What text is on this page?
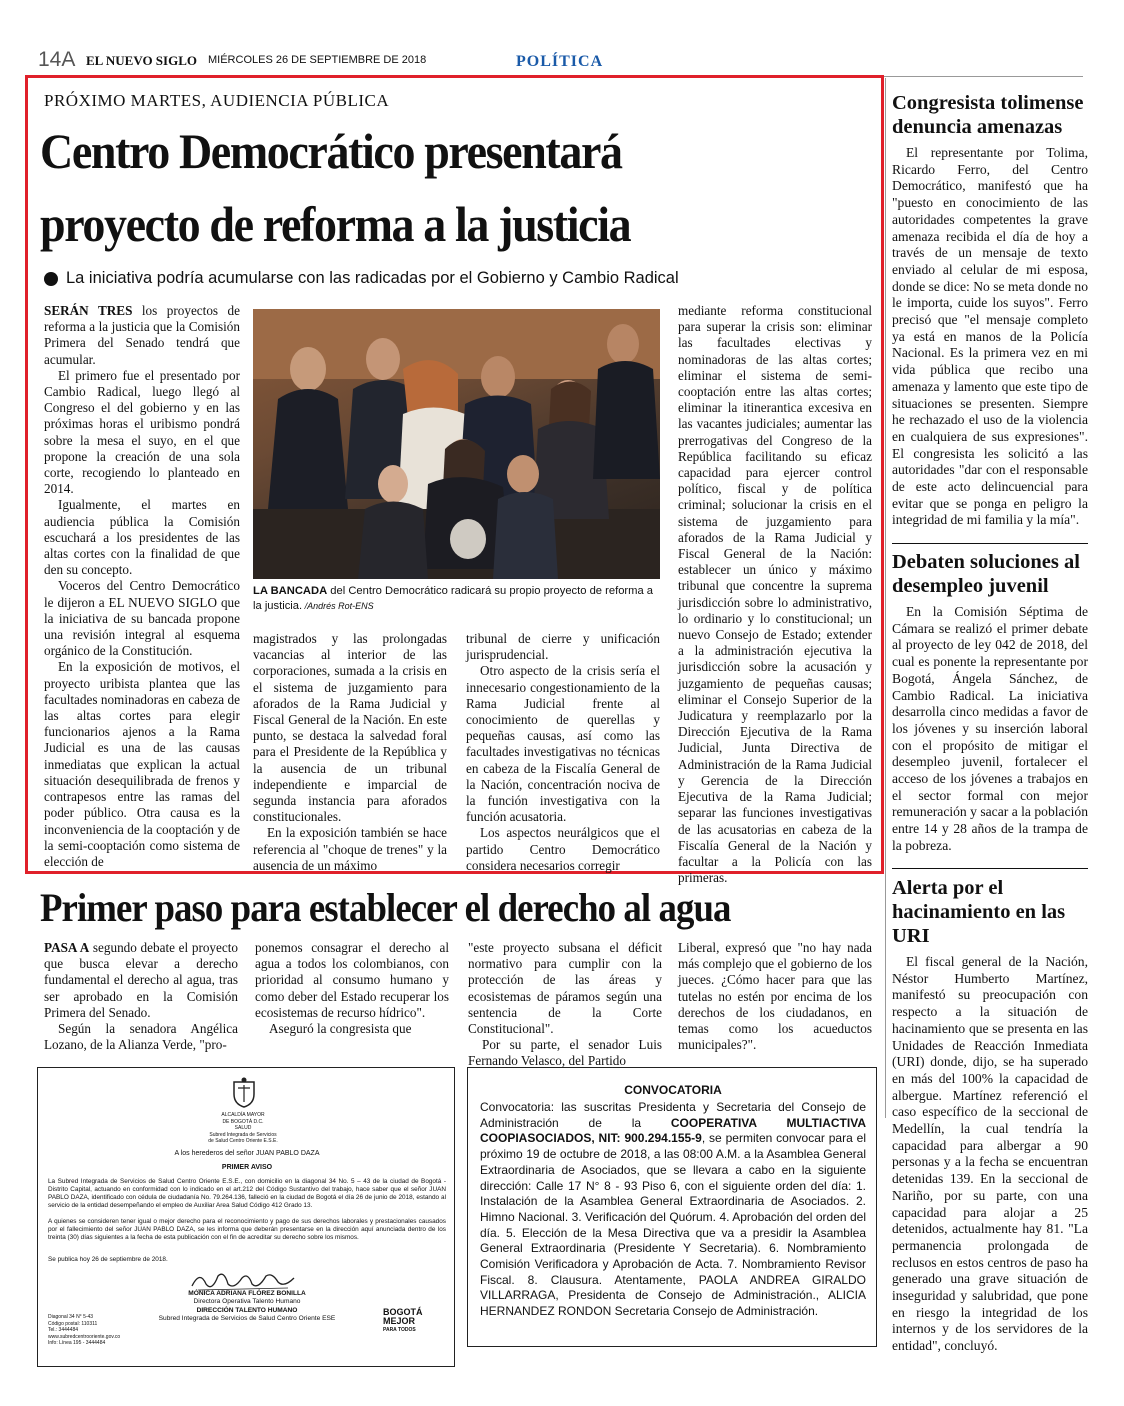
14A EL NUEVO SIGLO MIÉRCOLES 26 DE SEPTIEMBRE DE 2018	POLÍTICA
PRÓXIMO MARTES, AUDIENCIA PÚBLICA
Centro Democrático presentará
proyecto de reforma a la justicia
La iniciativa podría acumularse con las radicadas por el Gobierno y Cambio Radical

SERÁN TRES los proyectos de reforma a la justicia que la Comisión Primera del Senado tendrá que acumular.

El primero fue el presentado por Cambio Radical, luego llegó al Congreso el del gobierno y en las próximas horas el uribismo pondrá sobre la mesa el suyo, en el que propone la creación de una sola corte, recogiendo lo planteado en 2014.

Igualmente, el martes en audiencia pública la Comisión escuchará a los presidentes de las altas cortes con la finalidad de que den su concepto.

Voceros del Centro Democrático le dijeron a EL NUEVO SIGLO que la iniciativa de su bancada propone una revisión integral al esquema orgánico de la Constitución.

En la exposición de motivos, el proyecto uribista plantea que las facultades nominadoras en cabeza de las altas cortes para elegir funcionarios ajenos a la Rama Judicial es una de las causas inmediatas que explican la actual situación desequilibrada de frenos y contrapesos entre las ramas del poder público. Otra causa es la inconveniencia de la cooptación y de la semi-cooptación como sistema de elección de

LA BANCADA del Centro Democrático radicará su propio proyecto de reforma a la justicia. /Andrés Rot-ENS

magistrados y las prolongadas vacancias al interior de las corporaciones, sumada a la crisis en el sistema de juzgamiento para aforados de la Rama Judicial y Fiscal General de la Nación. En este punto, se destaca la salvedad foral para el Presidente de la República y la ausencia de un tribunal independiente e imparcial de segunda instancia para aforados constitucionales.

En la exposición también se hace referencia al "choque de trenes" y la ausencia de un máximo

tribunal de cierre y unificación jurisprudencial.

Otro aspecto de la crisis sería el innecesario congestionamiento de la Rama Judicial frente al conocimiento de querellas y pequeñas causas, así como las facultades investigativas no técnicas en cabeza de la Fiscalía General de la Nación, concentración nociva de la función investigativa con la función acusatoria.

Los aspectos neurálgicos que el partido Centro Democrático considera necesarios corregir

mediante reforma constitucional para superar la crisis son: eliminar las facultades electivas y nominadoras de las altas cortes; eliminar el sistema de semi-cooptación entre las altas cortes; eliminar la itinerantica excesiva en las vacantes judiciales; aumentar las prerrogativas del Congreso de la República facilitando su eficaz capacidad para ejercer control político, fiscal y de política criminal; solucionar la crisis en el sistema de juzgamiento para aforados de la Rama Judicial y Fiscal General de la Nación: establecer un único y máximo tribunal que concentre la suprema jurisdicción sobre lo administrativo, lo ordinario y lo constitucional; un nuevo Consejo de Estado; extender a la administración ejecutiva la jurisdicción sobre la acusación y juzgamiento de pequeñas causas; eliminar el Consejo Superior de la Judicatura y reemplazarlo por la Dirección Ejecutiva de la Rama Judicial, Junta Directiva de Administración de la Rama Judicial y Gerencia de la Dirección Ejecutiva de la Rama Judicial; separar las funciones investigativas de las acusatorias en cabeza de la Fiscalía General de la Nación y facultar a la Policía con las primeras.

Congresista tolimense denuncia amenazas

El representante por Tolima, Ricardo Ferro, del Centro Democrático, manifestó que ha "puesto en conocimiento de las autoridades competentes la grave amenaza recibida el día de hoy a través de un mensaje de texto enviado al celular de mi esposa, donde se dice: No se meta donde no le importa, cuide los suyos". Ferro precisó que "el mensaje completo ya está en manos de la Policía Nacional. Es la primera vez en mi vida pública que recibo una amenaza y lamento que este tipo de situaciones se presenten. Siempre he rechazado el uso de la violencia en cualquiera de sus expresiones". El congresista les solicitó a las autoridades "dar con el responsable de este acto delincuencial para evitar que se ponga en peligro la integridad de mi familia y la mía".

Debaten soluciones al desempleo juvenil

En la Comisión Séptima de Cámara se realizó el primer debate al proyecto de ley 042 de 2018, del cual es ponente la representante por Bogotá, Ángela Sánchez, de Cambio Radical. La iniciativa desarrolla cinco medidas a favor de los jóvenes y su inserción laboral con el propósito de mitigar el desempleo juvenil, fortalecer el acceso de los jóvenes a trabajos en el sector formal con mejor remuneración y sacar a la población entre 14 y 28 años de la trampa de la pobreza.

Alerta por el hacinamiento en las URI

El fiscal general de la Nación, Néstor Humberto Martínez, manifestó su preocupación con respecto a la situación de hacinamiento que se presenta en las Unidades de Reacción Inmediata (URI) donde, dijo, se ha superado en más del 100% la capacidad de albergue. Martínez referenció el caso específico de la seccional de Medellín, la cual tendría la capacidad para albergar a 90 personas y a la fecha se encuentran detenidas 139. En la seccional de Nariño, por su parte, con una capacidad para alojar a 25 detenidos, actualmente hay 81. "La permanencia prolongada de reclusos en estos centros de paso ha generado una grave situación de inseguridad y salubridad, que pone en riesgo la integridad de los internos y de los servidores de la entidad", concluyó.

Primer paso para establecer el derecho al agua

PASA A segundo debate el proyecto que busca elevar a derecho fundamental el derecho al agua, tras ser aprobado en la Comisión Primera del Senado.

Según la senadora Angélica Lozano, de la Alianza Verde, "pro-

ponemos consagrar el derecho al agua a todos los colombianos, con prioridad al consumo humano y como deber del Estado recuperar los ecosistemas de recurso hídrico".

Aseguró la congresista que

"este proyecto subsana el déficit normativo para cumplir con la protección de las áreas y ecosistemas de páramos según una sentencia de la Corte Constitucional".

Por su parte, el senador Luis Fernando Velasco, del Partido

Liberal, expresó que "no hay nada más complejo que el gobierno de los jueces. ¿Cómo hacer para que las tutelas no estén por encima de los derechos de los ciudadanos, en temas como los acueductos municipales?".

ALCALDÍA MAYOR
DE BOGOTÁ D.C.
SALUD
Subred Integrada de Servicios
de Salud Centro Oriente E.S.E.
A los herederos del señor JUAN PABLO DAZA
PRIMER AVISO
La Subred Integrada de Servicios de Salud Centro Oriente E.S.E., con domicilio en la diagonal 34 No. 5 – 43 de la ciudad de Bogotá - Distrito Capital, actuando en conformidad con lo indicado en el art.212 del Código Sustantivo del trabajo, hace saber que el señor JUAN PABLO DAZA, identificado con cédula de ciudadanía No. 79.264.136, falleció en la ciudad de Bogotá el día 26 de junio de 2018, estando al servicio de la entidad desempeñando el empleo de Auxiliar Area Salud Código 412 Grado 13.
A quienes se consideren tener igual o mejor derecho para el reconocimiento y pago de sus derechos laborales y prestacionales causados por el fallecimiento del señor JUAN PABLO DAZA, se les informa que deberán presentarse en la dirección aquí anunciada dentro de los treinta (30) días siguientes a la fecha de esta publicación con el fin de acreditar su derecho sobre los mismos.
Se publica hoy 26 de septiembre de 2018.
MÓNICA ADRIANA FLÓREZ BONILLA
Directora Operativa Talento Humano
DIRECCIÓN TALENTO HUMANO
Subred Integrada de Servicios de Salud Centro Oriente ESE
Diagonal 34 N° 5-43
Código postal: 110311
Tel.: 3444484
www.subredcentrooriente.gov.co
Info: Línea 195 - 3444484
BOGOTÁ
MEJOR
PARA TODOS
CONVOCATORIA
Convocatoria: las suscritas Presidenta y Secretaria del Consejo de Administración de la COOPERATIVA MULTIACTIVA COOPIASOCIADOS, NIT: 900.294.155-9, se permiten convocar para el próximo 19 de octubre de 2018, a las 08:00 A.M. a la Asamblea General Extraordinaria de Asociados, que se llevara a cabo en la siguiente dirección: Calle 17 N° 8 - 93 Piso 6, con el siguiente orden del día: 1. Instalación de la Asamblea General Extraordinaria de Asociados. 2. Himno Nacional. 3. Verificación del Quórum. 4. Aprobación del orden del día. 5. Elección de la Mesa Directiva que va a presidir la Asamblea General Extraordinaria (Presidente Y Secretaria). 6. Nombramiento Comisión Verificadora y Aprobación de Acta. 7. Nombramiento Revisor Fiscal. 8. Clausura. Atentamente, PAOLA ANDREA GIRALDO VILLARRAGA, Presidenta de Consejo de Administración., ALICIA HERNANDEZ RONDON Secretaria Consejo de Administración.
